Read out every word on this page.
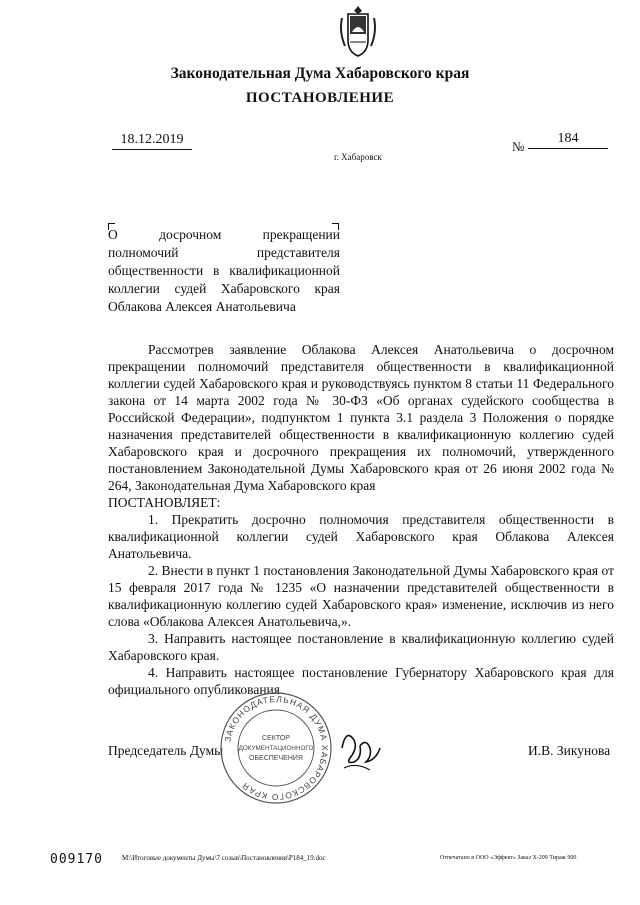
Законодательная Дума Хабаровского края
ПОСТАНОВЛЕНИЕ
18.12.2019	№
184
г. Хабаровск
О досрочном прекращении
полномочий представителя
общественности в квалификационной
коллегии судей Хабаровского края
Облакова Алексея Анатольевича

Рассмотрев заявление Облакова Алексея Анатольевича о досрочном прекращении полномочий представителя общественности в квалификационной коллегии судей Хабаровского края и руководствуясь пунктом 8 статьи 11 Федерального закона от 14 марта 2002 года № 30-ФЗ «Об органах судейского сообщества в Российской Федерации», подпунктом 1 пункта 3.1 раздела 3 Положения о порядке назначения представителей общественности в квалификационную коллегию судей Хабаровского края и досрочного прекращения их полномочий, утвержденного постановлением Законодательной Думы Хабаровского края от 26 июня 2002 года № 264, Законодательная Дума Хабаровского края

ПОСТАНОВЛЯЕТ:

1. Прекратить досрочно полномочия представителя общественности в квалификационной коллегии судей Хабаровского края Облакова Алексея Анатольевича.

2. Внести в пункт 1 постановления Законодательной Думы Хабаровского края от 15 февраля 2017 года № 1235 «О назначении представителей общественности в квалификационную коллегию судей Хабаровского края» изменение, исключив из него слова «Облакова Алексея Анатольевича,».

3. Направить настоящее постановление в квалификационную коллегию судей Хабаровского края.

4. Направить настоящее постановление Губернатору Хабаровского края для официального опубликования.

Председатель Думы
ЗАКОНОДАТЕЛЬНАЯ ДУМА ХАБАРОВСКОГО КРАЯ
СЕКТОР
ДОКУМЕНТАЦИОННОГО
ОБЕСПЕЧЕНИЯ
И.В. Зикунова
009170	M:\Итоговые документы Думы\7 созыв\Постановления\P184_19.doc	Отпечатано в ООО «Эффект» Заказ X-209 Тираж 900
